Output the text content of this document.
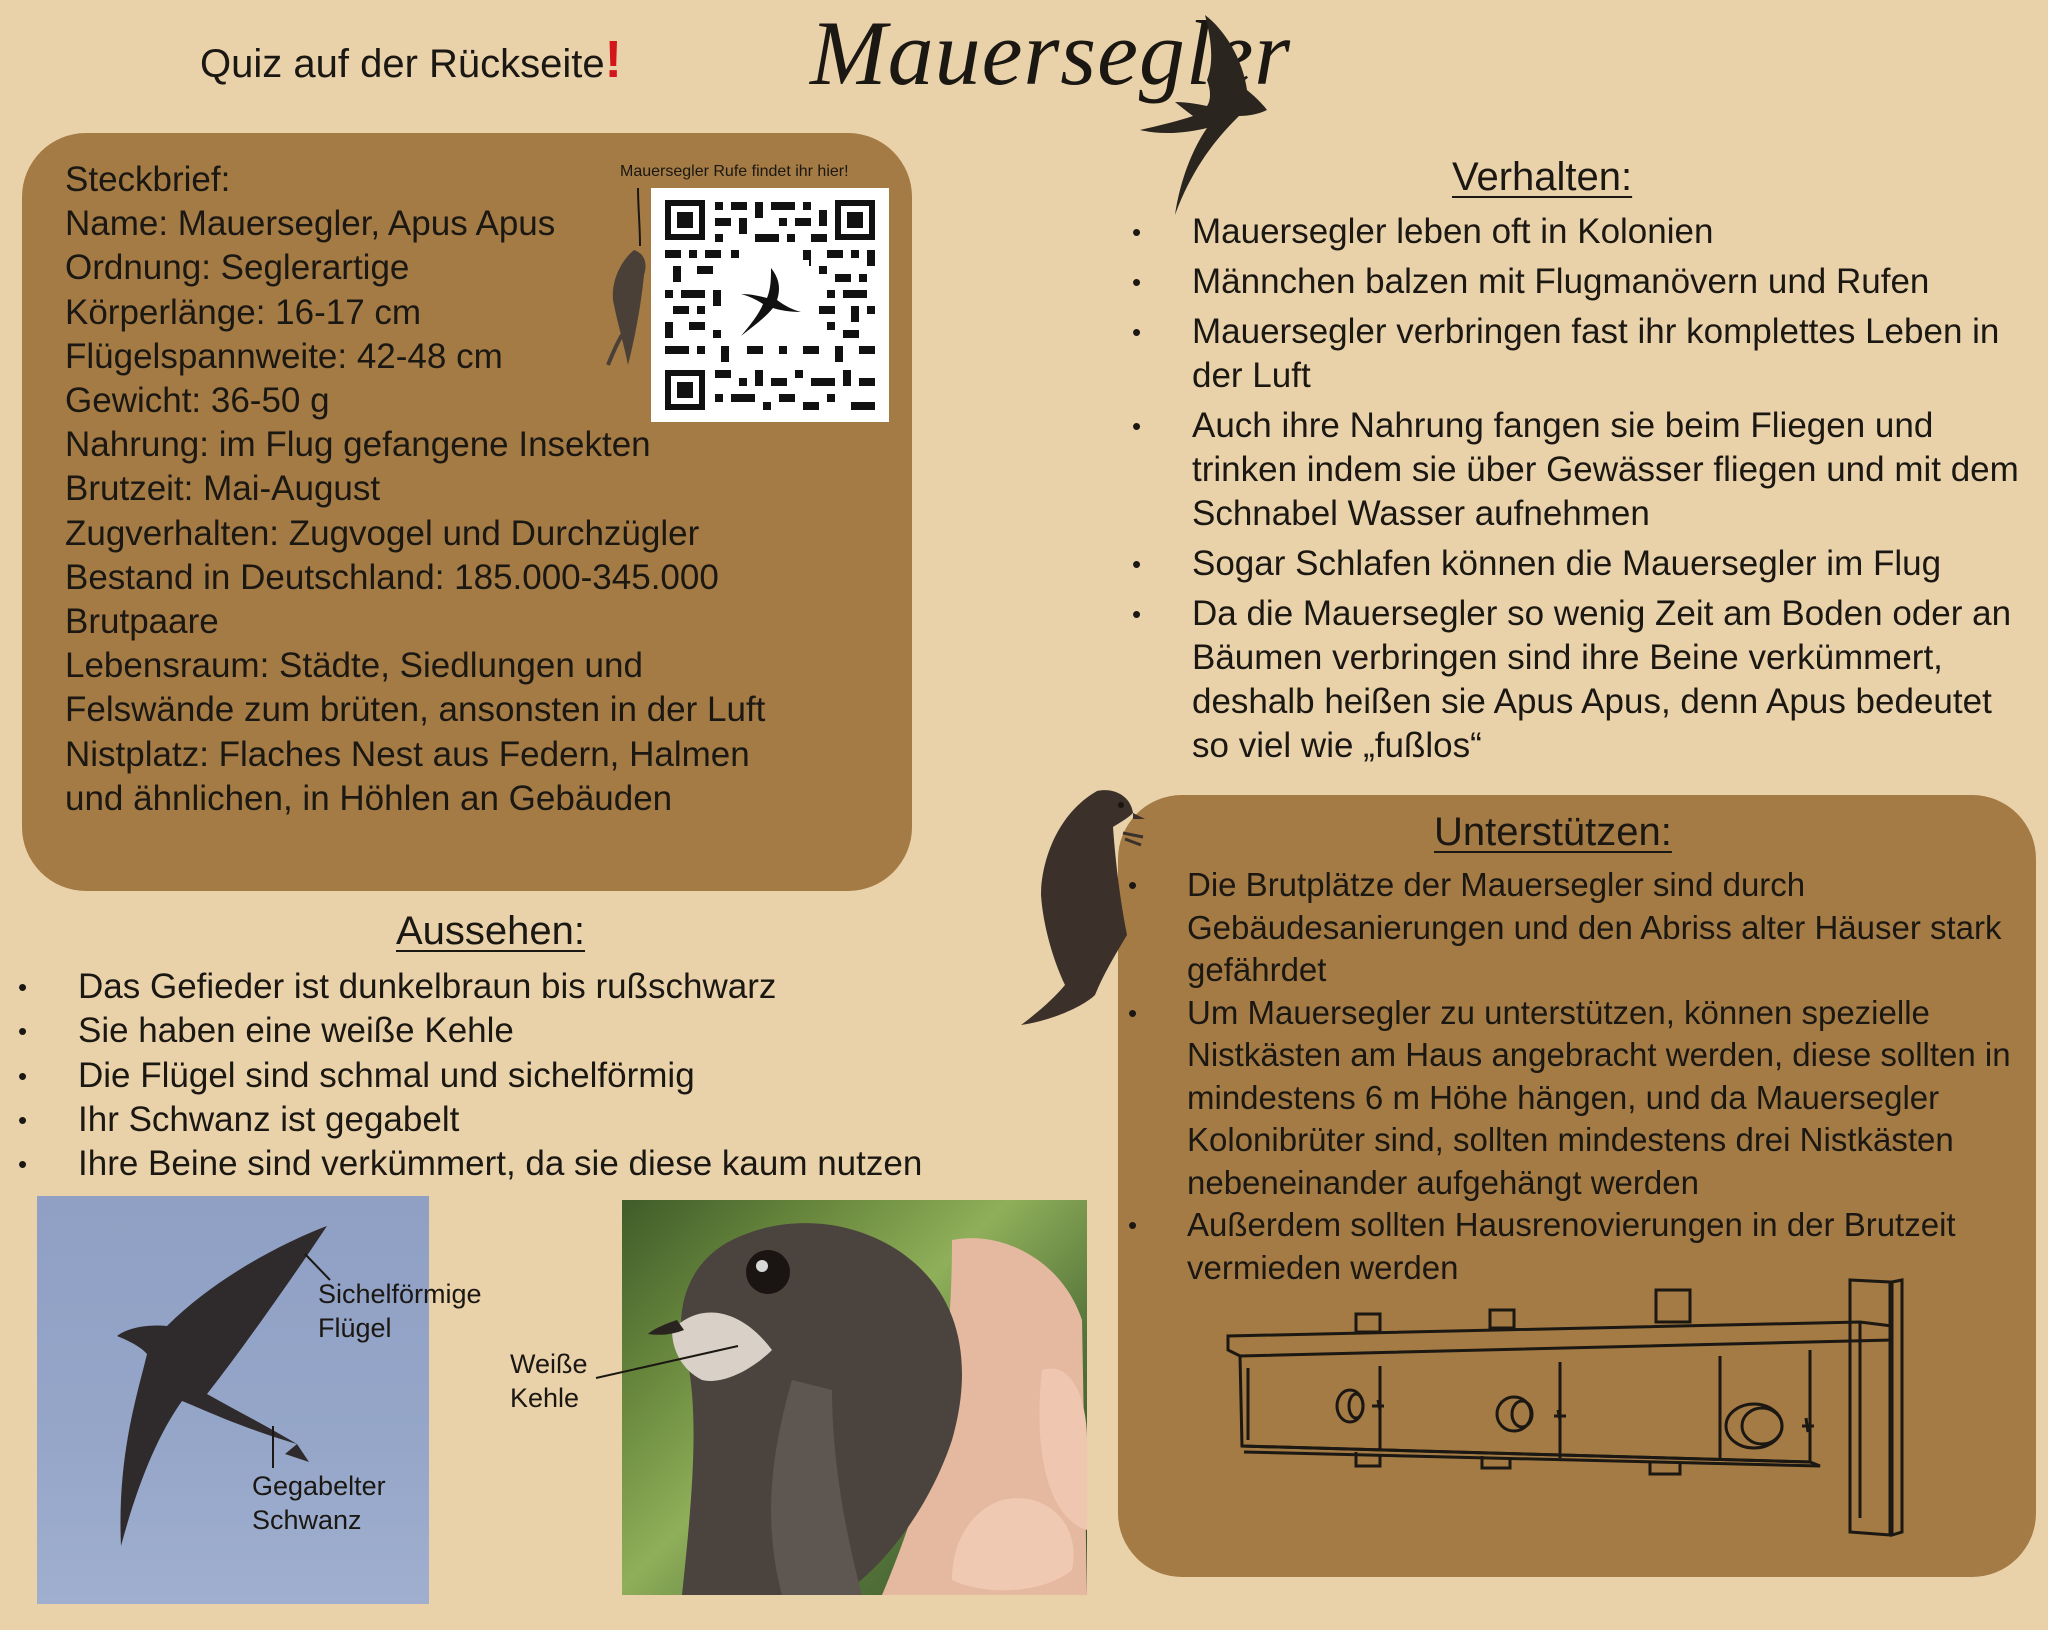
Quiz auf der Rückseite! Mauersegler
Steckbrief:
Name: Mauersegler, Apus Apus
Ordnung: Seglerartige
Körperlänge: 16-17 cm
Flügelspannweite: 42-48 cm
Gewicht: 36-50 g
Nahrung: im Flug gefangene Insekten
Brutzeit: Mai-August
Zugverhalten: Zugvogel und Durchzügler
Bestand in Deutschland: 185.000-345.000
Brutpaare
Lebensraum: Städte, Siedlungen und
Felswände zum brüten, ansonsten in der Luft
Nistplatz: Flaches Nest aus Federn, Halmen
und ähnlichen, in Höhlen an Gebäuden
Mauersegler Rufe findet ihr hier!	Verhalten:
• Mauersegler leben oft in Kolonien
• Männchen balzen mit Flugmanövern und Rufen
• Mauersegler verbringen fast ihr komplettes Leben in der Luft
• Auch ihre Nahrung fangen sie beim Fliegen und trinken indem sie über Gewässer fliegen und mit dem Schnabel Wasser aufnehmen
• Sogar Schlafen können die Mauersegler im Flug
• Da die Mauersegler so wenig Zeit am Boden oder an Bäumen verbringen sind ihre Beine verkümmert, deshalb heißen sie Apus Apus, denn Apus bedeutet so viel wie „fußlos“
Unterstützen:
• Die Brutplätze der Mauersegler sind durch Gebäudesanierungen und den Abriss alter Häuser stark gefährdet
• Um Mauersegler zu unterstützen, können spezielle Nistkästen am Haus angebracht werden, diese sollten in mindestens 6 m Höhe hängen, und da Mauersegler Kolonibrüter sind, sollten mindestens drei Nistkästen nebeneinander aufgehängt werden
• Außerdem sollten Hausrenovierungen in der Brutzeit vermieden werden
Aussehen:
• Das Gefieder ist dunkelbraun bis rußschwarz
• Sie haben eine weiße Kehle
• Die Flügel sind schmal und sichelförmig
• Ihr Schwanz ist gegabelt
• Ihre Beine sind verkümmert, da sie diese kaum nutzen
Sichelförmige
Flügel
Gegabelter
Schwanz
Weiße
Kehle
